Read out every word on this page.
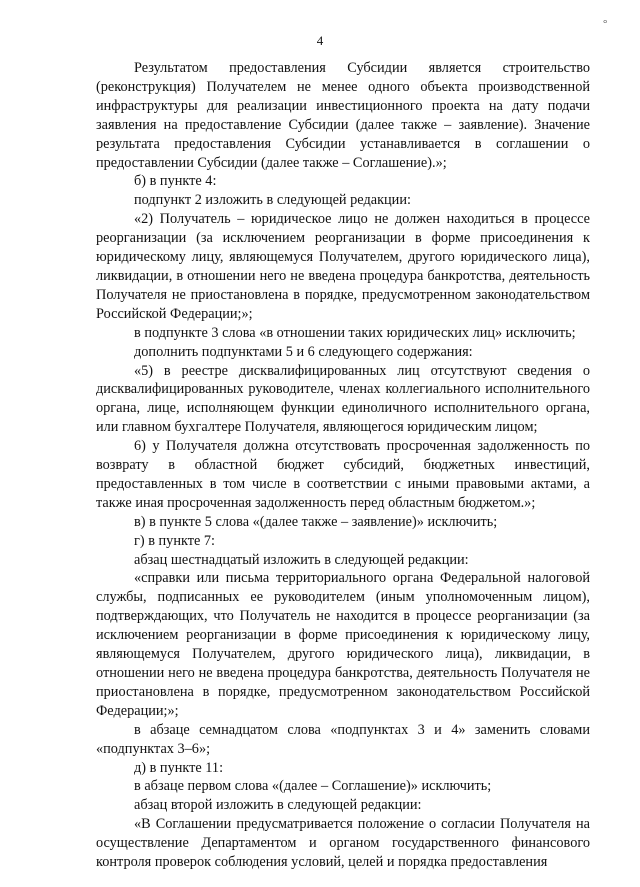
°
4

Результатом предоставления Субсидии является строительство (реконструкция) Получателем не менее одного объекта производственной инфраструктуры для реализации инвестиционного проекта на дату подачи заявления на предоставление Субсидии (далее также – заявление). Значение результата предоставления Субсидии устанавливается в соглашении о предоставлении Субсидии (далее также – Соглашение).»;

б) в пункте 4:

подпункт 2 изложить в следующей редакции:

«2) Получатель – юридическое лицо не должен находиться в процессе реорганизации (за исключением реорганизации в форме присоединения к юридическому лицу, являющемуся Получателем, другого юридического лица), ликвидации, в отношении него не введена процедура банкротства, деятельность Получателя не приостановлена в порядке, предусмотренном законодательством Российской Федерации;»;

в подпункте 3 слова «в отношении таких юридических лиц» исключить;

дополнить подпунктами 5 и 6 следующего содержания:

«5) в реестре дисквалифицированных лиц отсутствуют сведения о дисквалифицированных руководителе, членах коллегиального исполнительного органа, лице, исполняющем функции единоличного исполнительного органа, или главном бухгалтере Получателя, являющегося юридическим лицом;

6) у Получателя должна отсутствовать просроченная задолженность по возврату в областной бюджет субсидий, бюджетных инвестиций, предоставленных в том числе в соответствии с иными правовыми актами, а также иная просроченная задолженность перед областным бюджетом.»;

в) в пункте 5 слова «(далее также – заявление)» исключить;

г) в пункте 7:

абзац шестнадцатый изложить в следующей редакции:

«справки или письма территориального органа Федеральной налоговой службы, подписанных ее руководителем (иным уполномоченным лицом), подтверждающих, что Получатель не находится в процессе реорганизации (за исключением реорганизации в форме присоединения к юридическому лицу, являющемуся Получателем, другого юридического лица), ликвидации, в отношении него не введена процедура банкротства, деятельность Получателя не приостановлена в порядке, предусмотренном законодательством Российской Федерации;»;

в абзаце семнадцатом слова «подпунктах 3 и 4» заменить словами «подпунктах 3–6»;

д) в пункте 11:

в абзаце первом слова «(далее – Соглашение)» исключить;

абзац второй изложить в следующей редакции:

«В Соглашении предусматривается положение о согласии Получателя на осуществление Департаментом и органом государственного финансового контроля проверок соблюдения условий, целей и порядка предоставления
